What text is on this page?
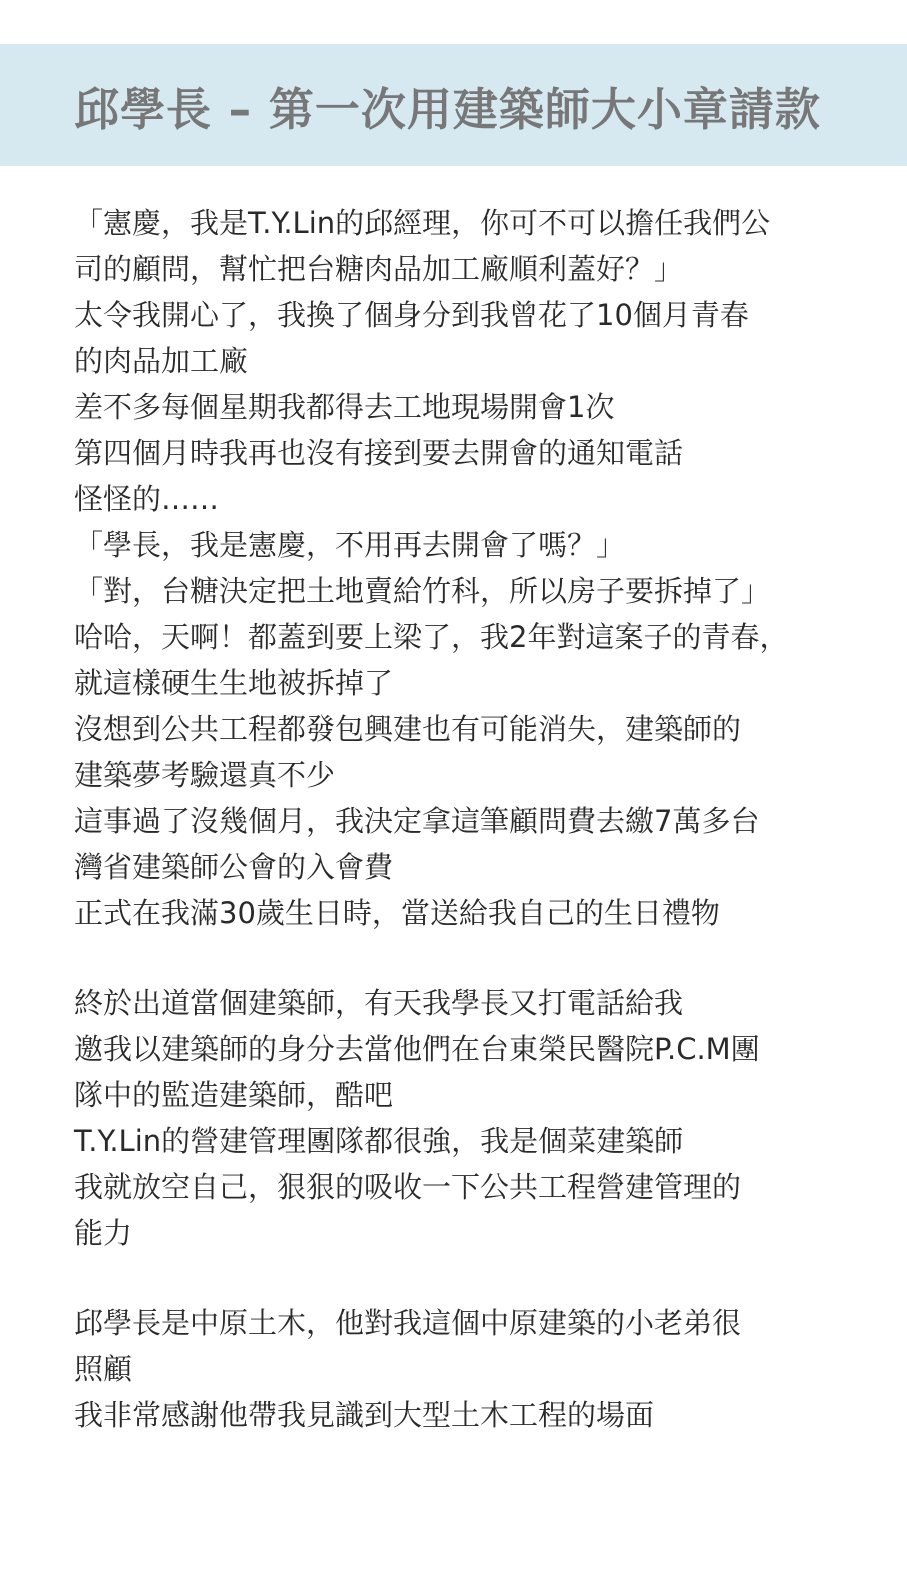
邱學長 – 第一次用建築師大小章請款
「憲慶，我是T.Y.Lin的邱經理，你可不可以擔任我們公
司的顧問，幫忙把台糖肉品加工廠順利蓋好？」
太令我開心了，我換了個身分到我曾花了10個月青春
的肉品加工廠
差不多每個星期我都得去工地現場開會1次
第四個月時我再也沒有接到要去開會的通知電話
怪怪的……
「學長，我是憲慶，不用再去開會了嗎？」
「對，台糖決定把土地賣給竹科，所以房子要拆掉了」
哈哈，天啊！都蓋到要上梁了，我2年對這案子的青春，
就這樣硬生生地被拆掉了
沒想到公共工程都發包興建也有可能消失，建築師的
建築夢考驗還真不少
這事過了沒幾個月，我決定拿這筆顧問費去繳7萬多台
灣省建築師公會的入會費
正式在我滿30歲生日時，當送給我自己的生日禮物
終於出道當個建築師，有天我學長又打電話給我
邀我以建築師的身分去當他們在台東榮民醫院P.C.M團
隊中的監造建築師，酷吧
T.Y.Lin的營建管理團隊都很強，我是個菜建築師
我就放空自己，狠狠的吸收一下公共工程營建管理的
能力
邱學長是中原土木，他對我這個中原建築的小老弟很
照顧
我非常感謝他帶我見識到大型土木工程的場面
